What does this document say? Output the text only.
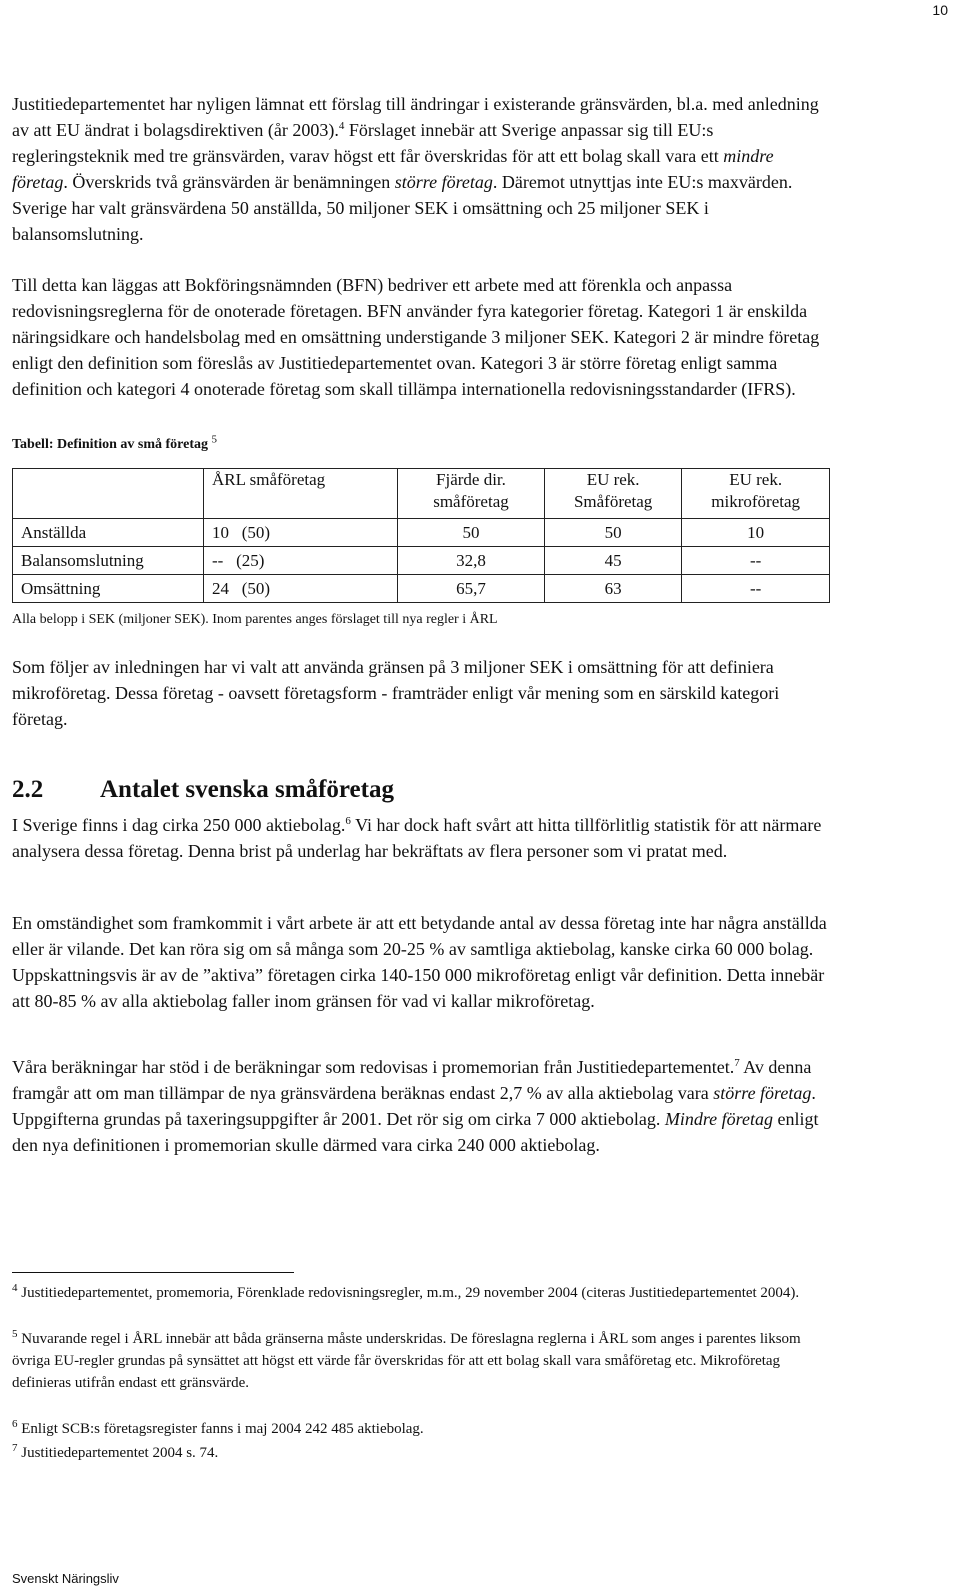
10

Justitiedepartementet har nyligen lämnat ett förslag till ändringar i existerande gränsvärden, bl.a. med anledning av att EU ändrat i bolagsdirektiven (år 2003).$^4$ Förslaget innebär att Sverige anpassar sig till EU:s regleringsteknik med tre gränsvärden, varav högst ett får överskridas för att ett bolag skall vara ett mindre företag. Överskrids två gränsvärden är benämningen större företag. Däremot utnyttjas inte EU:s maxvärden. Sverige har valt gränsvärdena 50 anställda, 50 miljoner SEK i omsättning och 25 miljoner SEK i balansomslutning.

Till detta kan läggas att Bokföringsnämnden (BFN) bedriver ett arbete med att förenkla och anpassa redovisningsreglerna för de onoterade företagen. BFN använder fyra kategorier företag. Kategori 1 är enskilda näringsidkare och handelsbolag med en omsättning understigande 3 miljoner SEK. Kategori 2 är mindre företag enligt den definition som föreslås av Justitiedepartementet ovan. Kategori 3 är större företag enligt samma definition och kategori 4 onoterade företag som skall tillämpa internationella redovisningsstandarder (IFRS).

Tabell: Definition av små företag $^5$

	ÅRL småföretag	Fjärde dir. småföretag	EU rek. Småföretag	EU rek. mikroföretag
Anställda	10   (50)	50	50	10
Balansomslutning	--   (25)	32,8	45	--
Omsättning	24   (50)	65,7	63	--

Alla belopp i SEK (miljoner SEK). Inom parentes anges förslaget till nya regler i ÅRL

Som följer av inledningen har vi valt att använda gränsen på 3 miljoner SEK i omsättning för att definiera mikroföretag. Dessa företag - oavsett företagsform - framträder enligt vår mening som en särskild kategori företag.

2.2 Antalet svenska småföretag

I Sverige finns i dag cirka 250 000 aktiebolag.$^6$ Vi har dock haft svårt att hitta tillförlitlig statistik för att närmare analysera dessa företag. Denna brist på underlag har bekräftats av flera personer som vi pratat med.

En omständighet som framkommit i vårt arbete är att ett betydande antal av dessa företag inte har några anställda eller är vilande. Det kan röra sig om så många som 20-25 % av samtliga aktiebolag, kanske cirka 60 000 bolag. Uppskattningsvis är av de ”aktiva” företagen cirka 140-150 000 mikroföretag enligt vår definition. Detta innebär att 80-85 % av alla aktiebolag faller inom gränsen för vad vi kallar mikroföretag.

Våra beräkningar har stöd i de beräkningar som redovisas i promemorian från Justitiedepartementet.$^7$ Av denna framgår att om man tillämpar de nya gränsvärdena beräknas endast 2,7 % av alla aktiebolag vara större företag. Uppgifterna grundas på taxeringsuppgifter år 2001. Det rör sig om cirka 7 000 aktiebolag. Mindre företag enligt den nya definitionen i promemorian skulle därmed vara cirka 240 000 aktiebolag.

$^4$ Justitiedepartementet, promemoria, Förenklade redovisningsregler, m.m., 29 november 2004 (citeras Justitiedepartementet 2004).

$^5$ Nuvarande regel i ÅRL innebär att båda gränserna måste underskridas. De föreslagna reglerna i ÅRL som anges i parentes liksom övriga EU-regler grundas på synsättet att högst ett värde får överskridas för att ett bolag skall vara småföretag etc. Mikroföretag definieras utifrån endast ett gränsvärde.

$^6$ Enligt SCB:s företagsregister fanns i maj 2004 242 485 aktiebolag.

$^7$ Justitiedepartementet 2004 s. 74.

Svenskt Näringsliv
